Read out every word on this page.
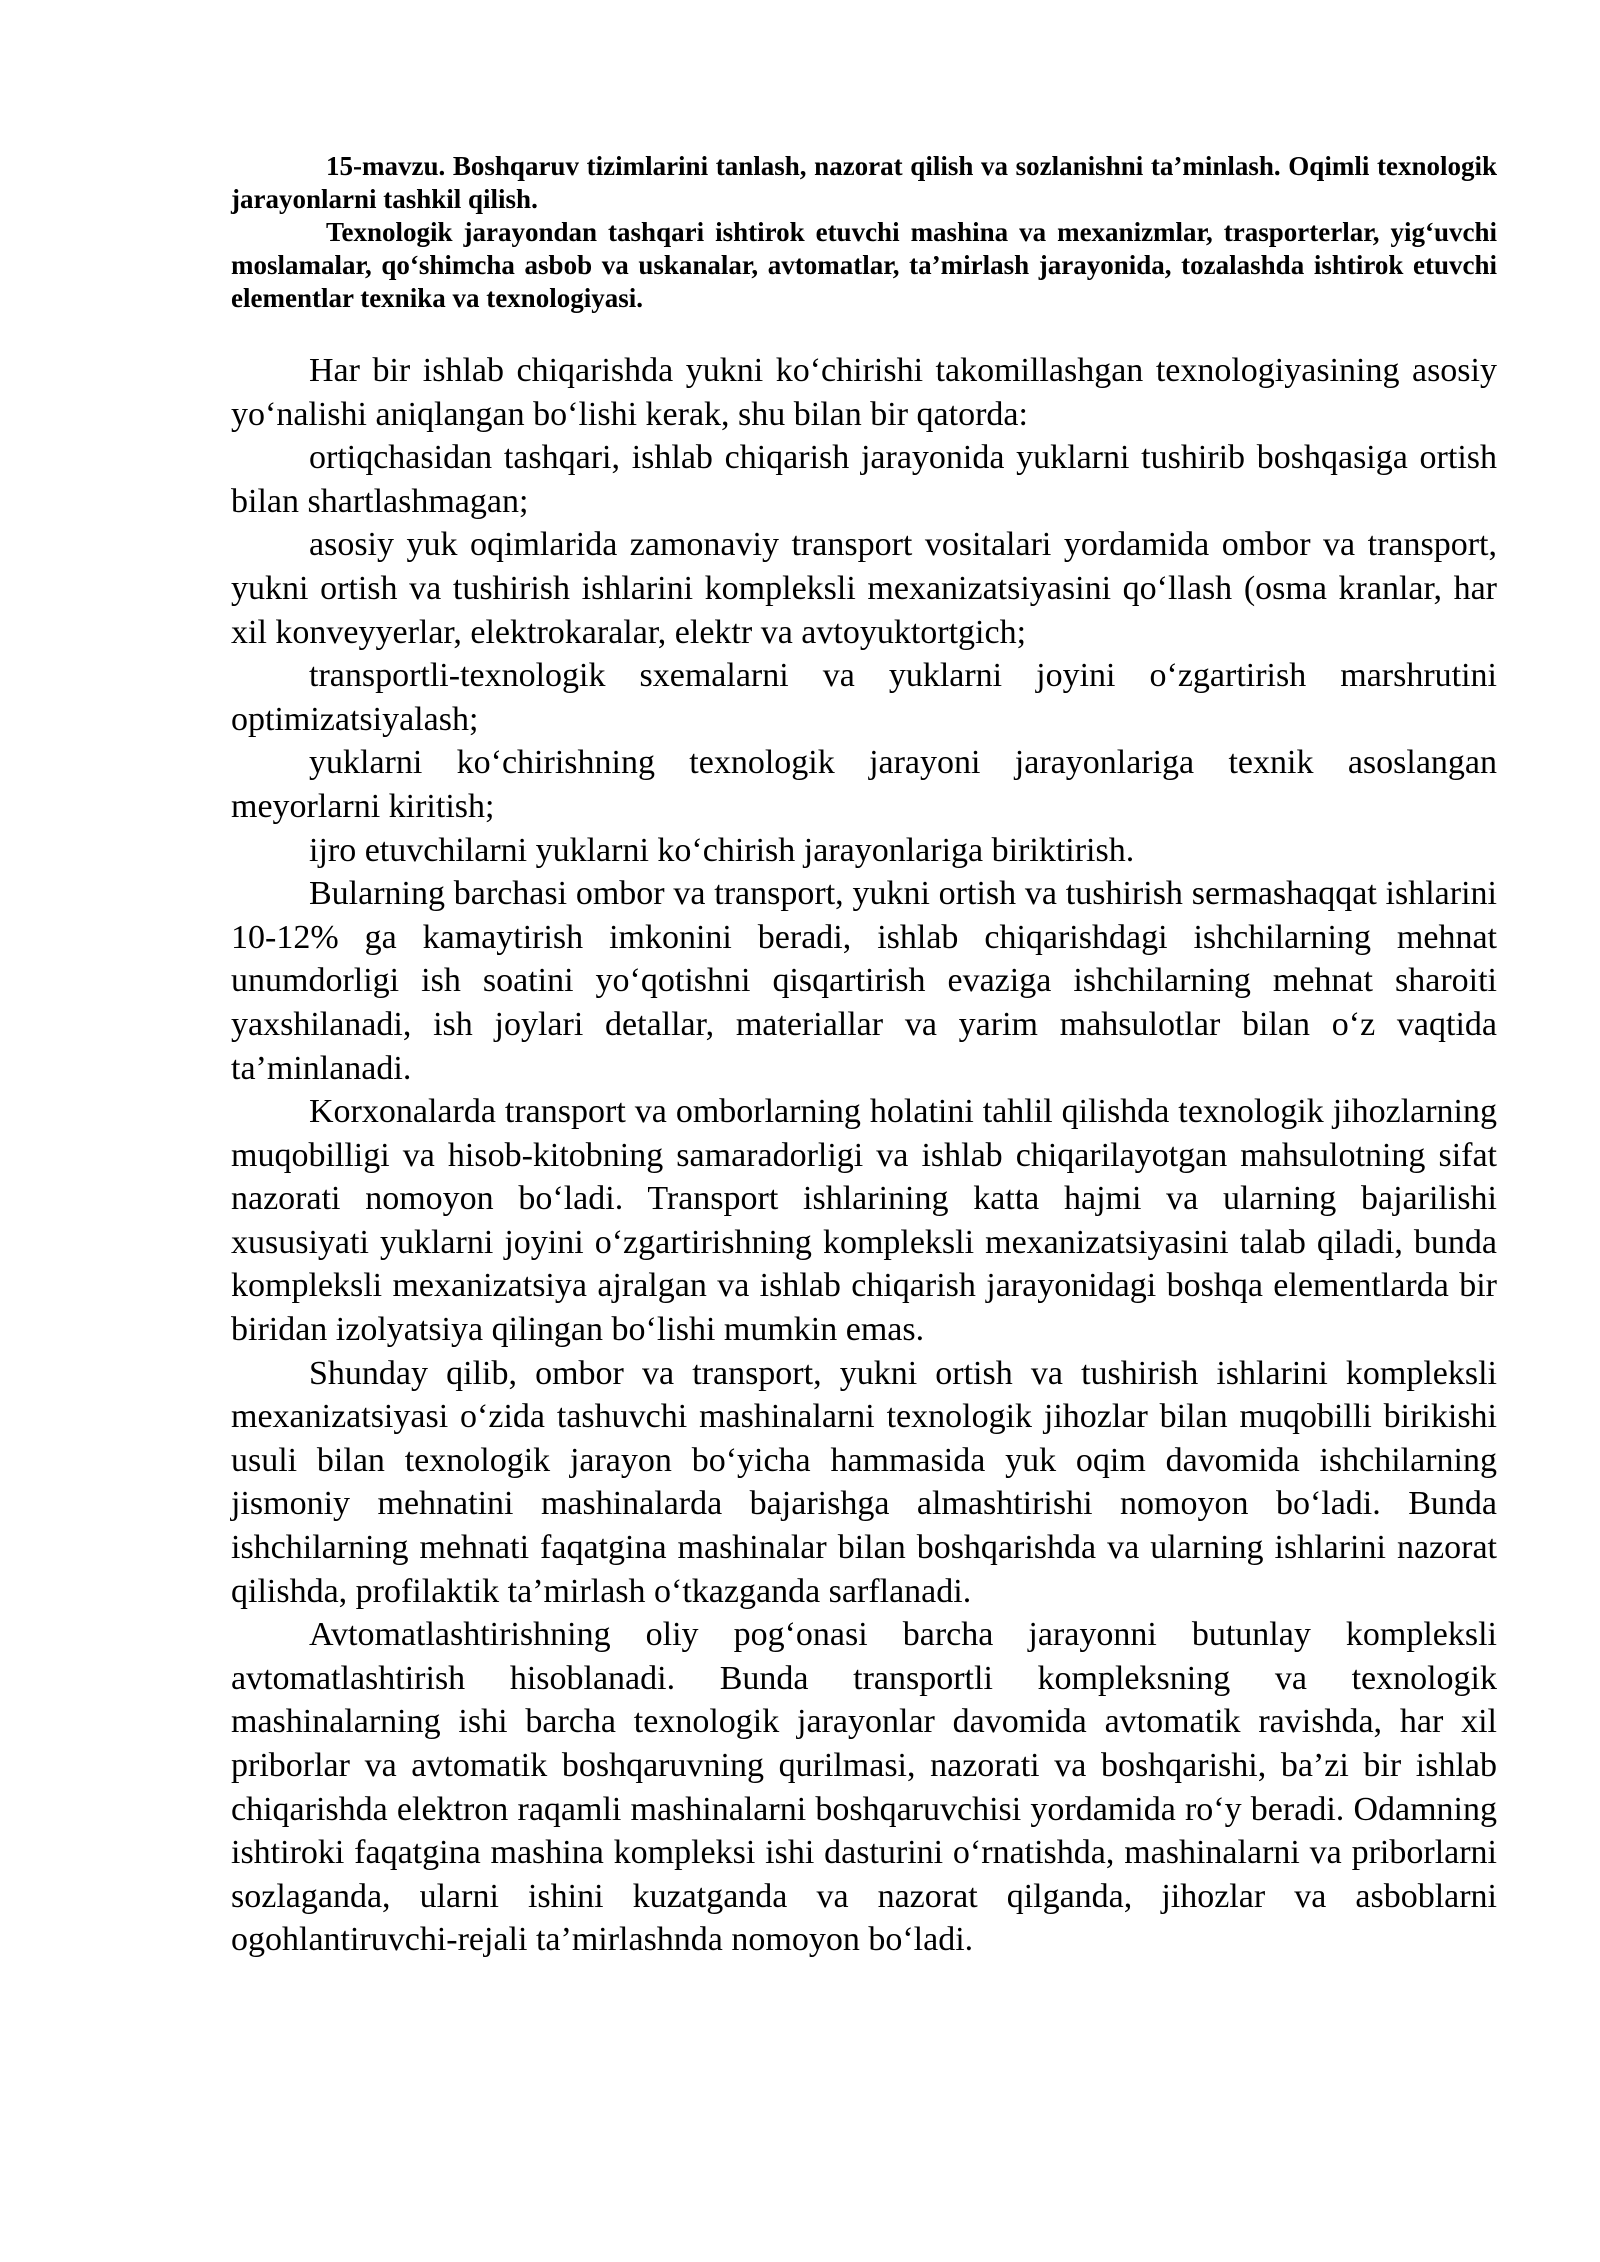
15-mavzu. Boshqaruv tizimlarini tanlash, nazorat qilish va sozlanishni ta’minlash. Oqimli texnologik jarayonlarni tashkil qilish.

Texnologik jarayondan tashqari ishtirok etuvchi mashina va mexanizmlar, trasporterlar, yig‘uvchi moslamalar, qo‘shimcha asbob va uskanalar, avtomatlar, ta’mirlash jarayonida, tozalashda ishtirok etuvchi elementlar texnika va texnologiyasi.

Har bir ishlab chiqarishda yukni ko‘chirishi takomillashgan texnologiyasining asosiy yo‘nalishi aniqlangan bo‘lishi kerak, shu bilan bir qatorda:

ortiqchasidan tashqari, ishlab chiqarish jarayonida yuklarni tushirib boshqasiga ortish bilan shartlashmagan;

asosiy yuk oqimlarida zamonaviy transport vositalari yordamida ombor va transport, yukni ortish va tushirish ishlarini kompleksli mexanizatsiyasini qo‘llash (osma kranlar, har xil konveyyerlar, elektrokaralar, elektr va avtoyuktortgich;

transportli-texnologik sxemalarni va yuklarni joyini o‘zgartirish marshrutini optimizatsiyalash;

yuklarni ko‘chirishning texnologik jarayoni jarayonlariga texnik asoslangan meyorlarni kiritish;

ijro etuvchilarni yuklarni ko‘chirish jarayonlariga biriktirish.

Bularning barchasi ombor va transport, yukni ortish va tushirish sermashaqqat ishlarini 10-12% ga kamaytirish imkonini beradi, ishlab chiqarishdagi ishchilarning mehnat unumdorligi ish soatini yo‘qotishni qisqartirish evaziga ishchilarning mehnat sharoiti yaxshilanadi, ish joylari detallar, materiallar va yarim mahsulotlar bilan o‘z vaqtida ta’minlanadi.

Korxonalarda transport va omborlarning holatini tahlil qilishda texnologik jihozlarning muqobilligi va hisob-kitobning samaradorligi va ishlab chiqarilayotgan mahsulotning sifat nazorati nomoyon bo‘ladi. Transport ishlarining katta hajmi va ularning bajarilishi xususiyati yuklarni joyini o‘zgartirishning kompleksli mexanizatsiyasini talab qiladi, bunda kompleksli mexanizatsiya ajralgan va ishlab chiqarish jarayonidagi boshqa elementlarda bir biridan izolyatsiya qilingan bo‘lishi mumkin emas.

Shunday qilib, ombor va transport, yukni ortish va tushirish ishlarini kompleksli mexanizatsiyasi o‘zida tashuvchi mashinalarni texnologik jihozlar bilan muqobilli birikishi usuli bilan texnologik jarayon bo‘yicha hammasida yuk oqim davomida ishchilarning jismoniy mehnatini mashinalarda bajarishga almashtirishi nomoyon bo‘ladi. Bunda ishchilarning mehnati faqatgina mashinalar bilan boshqarishda va ularning ishlarini nazorat qilishda, profilaktik ta’mirlash o‘tkazganda sarflanadi.

Avtomatlashtirishning oliy pog‘onasi barcha jarayonni butunlay kompleksli avtomatlashtirish hisoblanadi. Bunda transportli kompleksning va texnologik mashinalarning ishi barcha texnologik jarayonlar davomida avtomatik ravishda, har xil priborlar va avtomatik boshqaruvning qurilmasi, nazorati va boshqarishi, ba’zi bir ishlab chiqarishda elektron raqamli mashinalarni boshqaruvchisi yordamida ro‘y beradi. Odamning ishtiroki faqatgina mashina kompleksi ishi dasturini o‘rnatishda, mashinalarni va priborlarni sozlaganda, ularni ishini kuzatganda va nazorat qilganda, jihozlar va asboblarni ogohlantiruvchi-rejali ta’mirlashnda nomoyon bo‘ladi.
